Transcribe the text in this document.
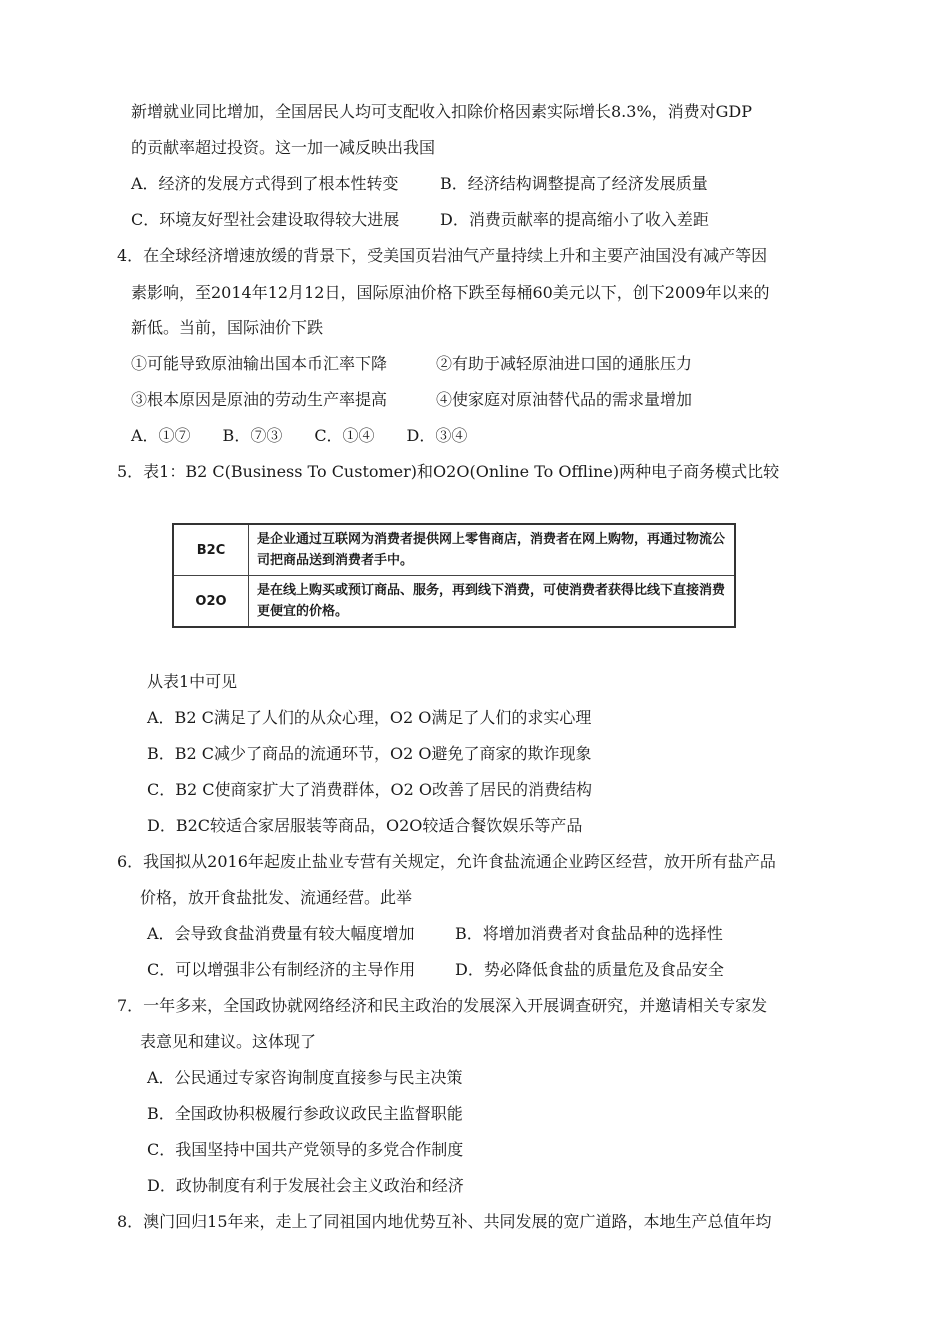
新增就业同比增加，全国居民人均可支配收入扣除价格因素实际增长8.3%，消费对GDP
的贡献率超过投资。这一加一减反映出我国
A．经济的发展方式得到了根本性转变	B．经济结构调整提高了经济发展质量
C．环境友好型社会建设取得较大进展	D．消费贡献率的提高缩小了收入差距
4．在全球经济增速放缓的背景下，受美国页岩油气产量持续上升和主要产油国没有减产等因
素影响，至2014年12月12日，国际原油价格下跌至每桶60美元以下，创下2009年以来的
新低。当前，国际油价下跌
①可能导致原油输出国本币汇率下降	②有助于减轻原油进口国的通胀压力
③根本原因是原油的劳动生产率提高	④使家庭对原油替代品的需求量增加
A．①⑦　　B．⑦③　　C．①④　　D．③④
5．表1：B2 C(Business To Customer)和O2O(Online To Offline)两种电子商务模式比较
B2C	是企业通过互联网为消费者提供网上零售商店，消费者在网上购物，再通过物流公司把商品送到消费者手中。
O2O	是在线上购买或预订商品、服务，再到线下消费，可使消费者获得比线下直接消费更便宜的价格。
从表1中可见
A．B2 C满足了人们的从众心理，O2 O满足了人们的求实心理
B．B2 C减少了商品的流通环节，O2 O避免了商家的欺诈现象
C．B2 C使商家扩大了消费群体，O2 O改善了居民的消费结构
D．B2C较适合家居服装等商品，O2O较适合餐饮娱乐等产品
6．我国拟从2016年起废止盐业专营有关规定，允许食盐流通企业跨区经营，放开所有盐产品
价格，放开食盐批发、流通经营。此举
A．会导致食盐消费量有较大幅度增加	B．将增加消费者对食盐品种的选择性
C．可以增强非公有制经济的主导作用 D．势必降低食盐的质量危及食品安全
7．一年多来，全国政协就网络经济和民主政治的发展深入开展调查研究，并邀请相关专家发
表意见和建议。这体现了
A．公民通过专家咨询制度直接参与民主决策
B．全国政协积极履行参政议政民主监督职能
C．我国坚持中国共产党领导的多党合作制度
D．政协制度有利于发展社会主义政治和经济
8．澳门回归15年来，走上了同祖国内地优势互补、共同发展的宽广道路，本地生产总值年均
